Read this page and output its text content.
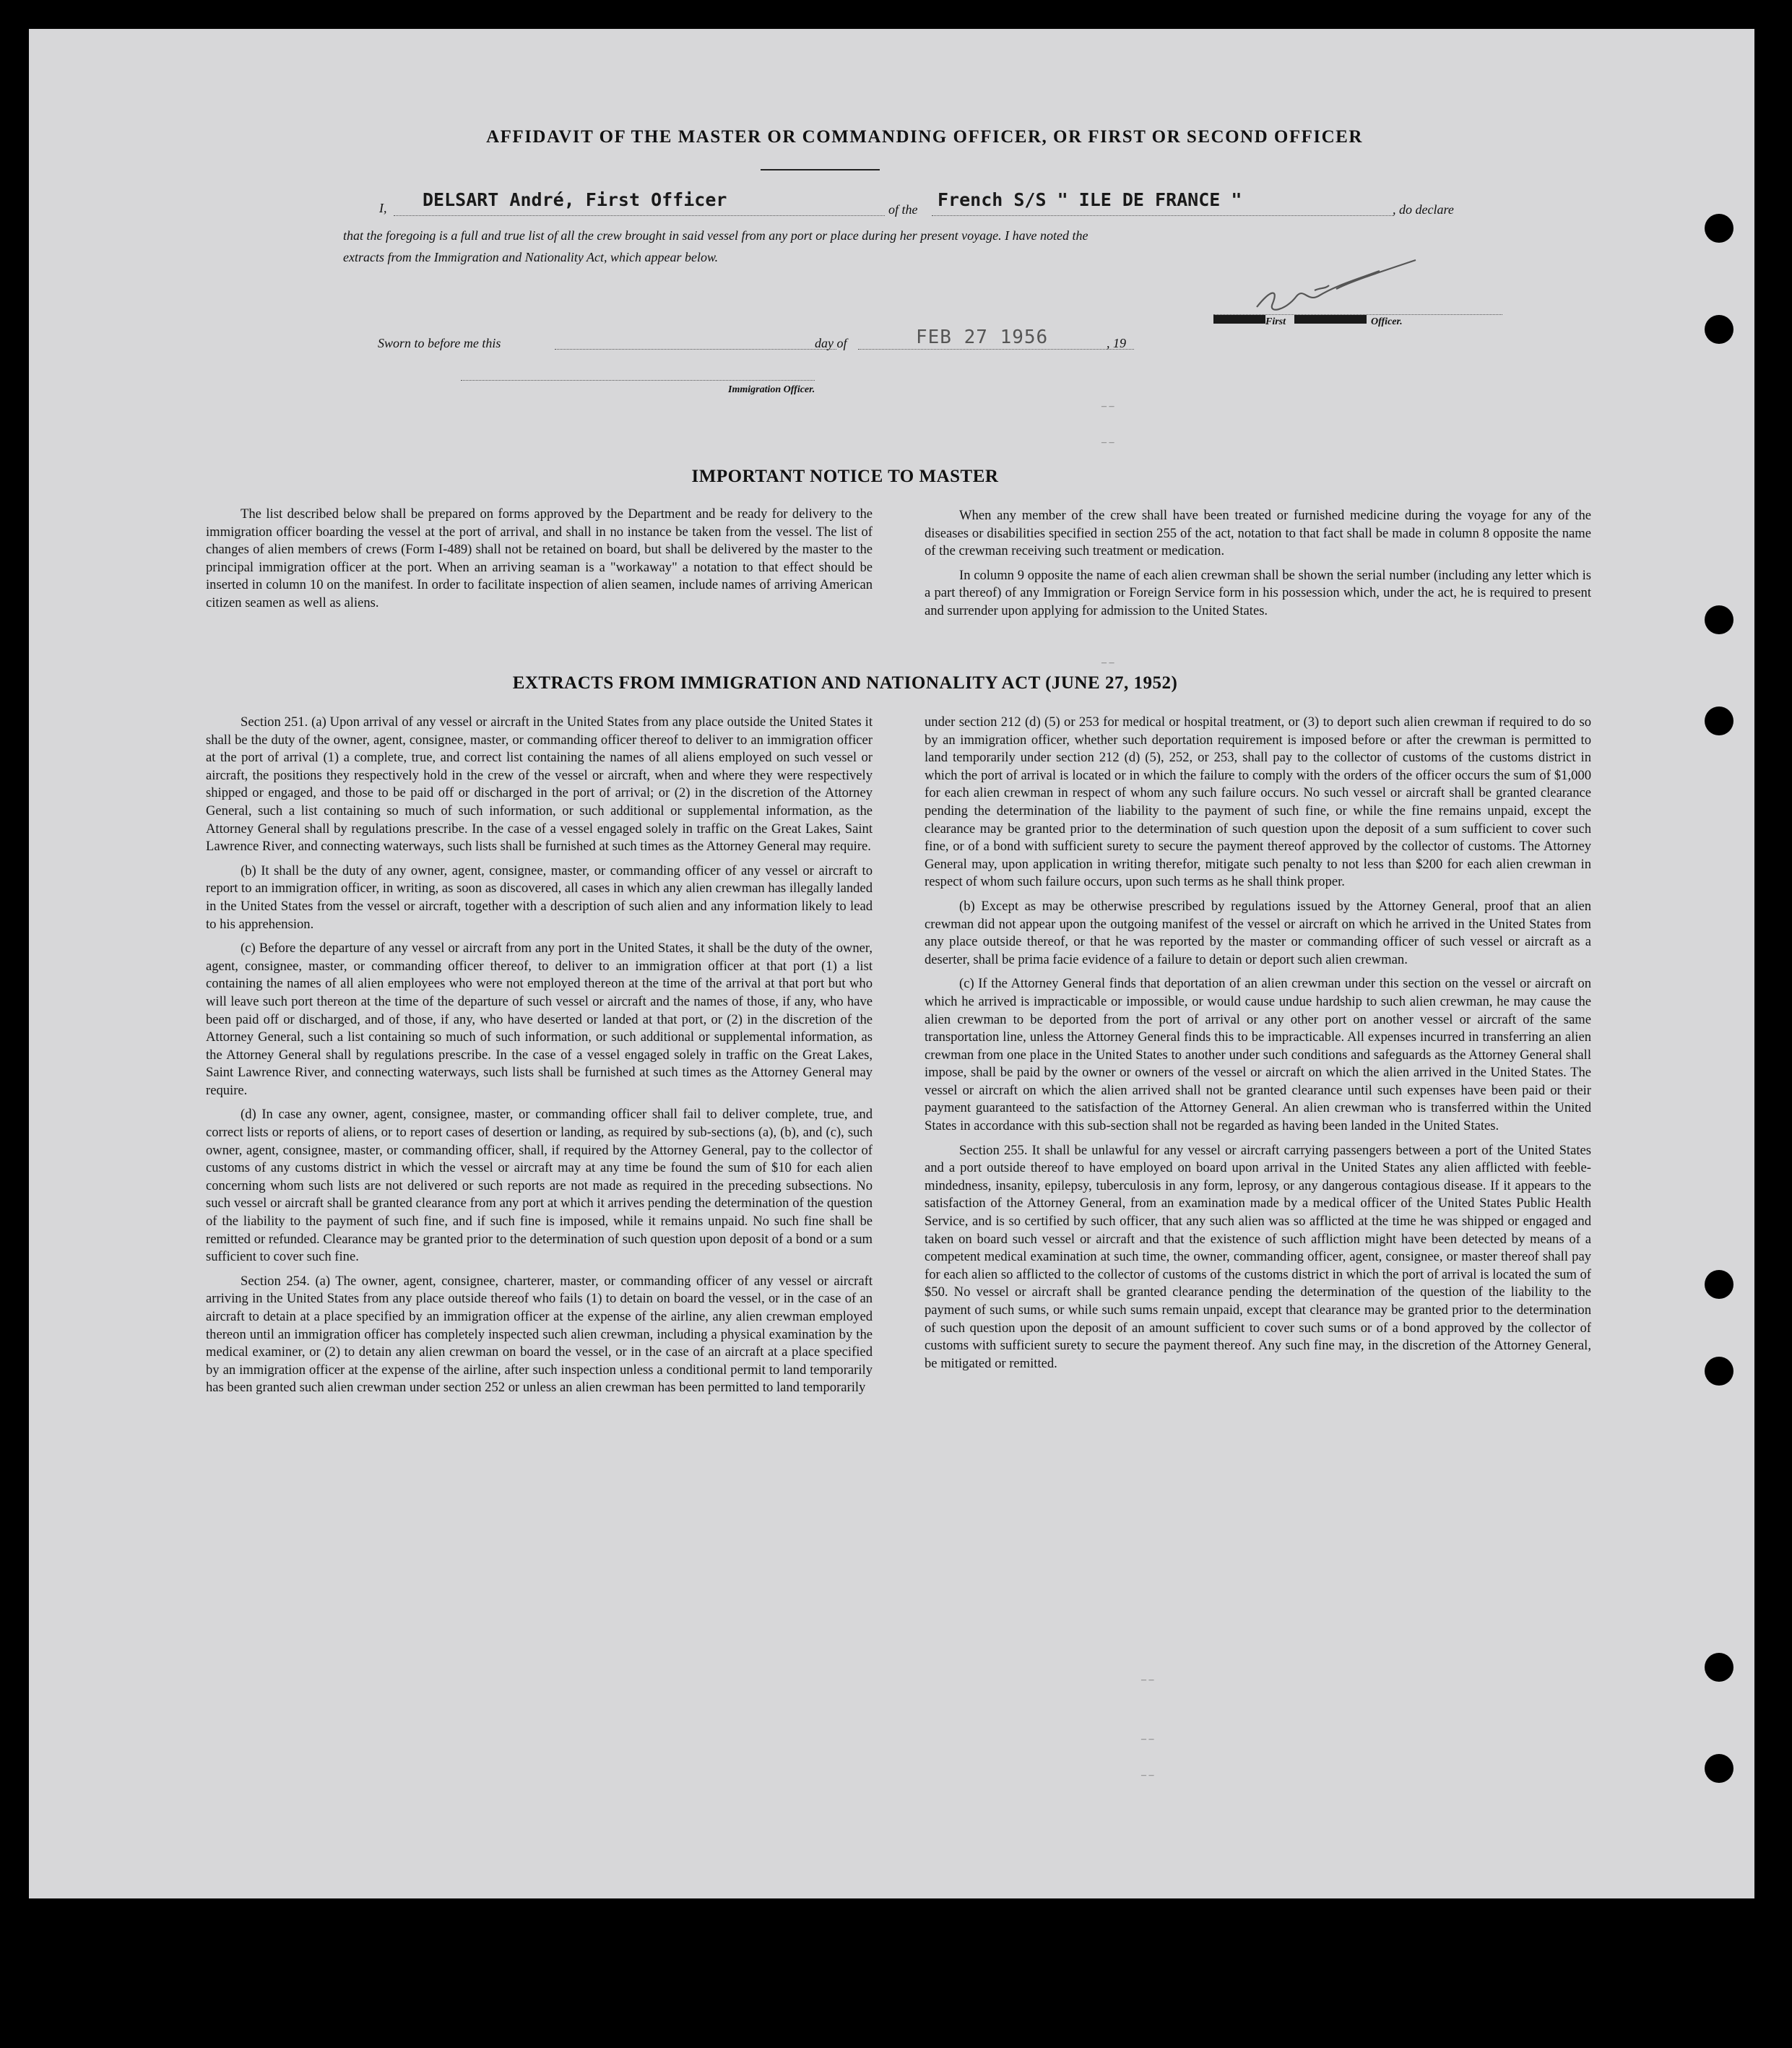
AFFIDAVIT OF THE MASTER OR COMMANDING OFFICER, OR FIRST OR SECOND OFFICER
I, DELSART André, First Officer	of the French S/S " ILE DE FRANCE "	, do declare
that the foregoing is a full and true list of all the crew brought in said vessel from any port or place during her present voyage. I have noted the
extracts from the Immigration and Nationality Act, which appear below.
First	Officer.
Sworn to before me this	day of	FEB 27 1956	, 19
Immigration Officer.
– –
– –
IMPORTANT NOTICE TO MASTER

The list described below shall be prepared on forms approved by the Department and be ready for delivery to the immigration officer boarding the vessel at the port of arrival, and shall in no instance be taken from the vessel. The list of changes of alien members of crews (Form I-489) shall not be retained on board, but shall be delivered by the master to the principal immigration officer at the port. When an arriving seaman is a "workaway" a notation to that effect should be inserted in column 10 on the manifest. In order to facilitate inspection of alien seamen, include names of arriving American citizen seamen as well as aliens.

When any member of the crew shall have been treated or furnished medicine during the voyage for any of the diseases or disabilities specified in section 255 of the act, notation to that fact shall be made in column 8 opposite the name of the crewman receiving such treatment or medication.

In column 9 opposite the name of each alien crewman shall be shown the serial number (including any letter which is a part thereof) of any Immigration or Foreign Service form in his possession which, under the act, he is required to present and surrender upon applying for admission to the United States.

EXTRACTS FROM IMMIGRATION AND NATIONALITY ACT (JUNE 27, 1952)
– –

Section 251. (a) Upon arrival of any vessel or aircraft in the United States from any place outside the United States it shall be the duty of the owner, agent, consignee, master, or commanding officer thereof to deliver to an immigration officer at the port of arrival (1) a complete, true, and correct list containing the names of all aliens employed on such vessel or aircraft, the positions they respectively hold in the crew of the vessel or aircraft, when and where they were respectively shipped or engaged, and those to be paid off or discharged in the port of arrival; or (2) in the discretion of the Attorney General, such a list containing so much of such information, or such additional or supplemental information, as the Attorney General shall by regulations prescribe. In the case of a vessel engaged solely in traffic on the Great Lakes, Saint Lawrence River, and connecting waterways, such lists shall be furnished at such times as the Attorney General may require.

(b) It shall be the duty of any owner, agent, consignee, master, or commanding officer of any vessel or aircraft to report to an immigration officer, in writing, as soon as discovered, all cases in which any alien crewman has illegally landed in the United States from the vessel or aircraft, together with a description of such alien and any information likely to lead to his apprehension.

(c) Before the departure of any vessel or aircraft from any port in the United States, it shall be the duty of the owner, agent, consignee, master, or commanding officer thereof, to deliver to an immigration officer at that port (1) a list containing the names of all alien employees who were not employed thereon at the time of the arrival at that port but who will leave such port thereon at the time of the departure of such vessel or aircraft and the names of those, if any, who have been paid off or discharged, and of those, if any, who have deserted or landed at that port, or (2) in the discretion of the Attorney General, such a list containing so much of such information, or such additional or supplemental information, as the Attorney General shall by regulations prescribe. In the case of a vessel engaged solely in traffic on the Great Lakes, Saint Lawrence River, and connecting waterways, such lists shall be furnished at such times as the Attorney General may require.

(d) In case any owner, agent, consignee, master, or commanding officer shall fail to deliver complete, true, and correct lists or reports of aliens, or to report cases of desertion or landing, as required by sub-sections (a), (b), and (c), such owner, agent, consignee, master, or commanding officer, shall, if required by the Attorney General, pay to the collector of customs of any customs district in which the vessel or aircraft may at any time be found the sum of $10 for each alien concerning whom such lists are not delivered or such reports are not made as required in the preceding subsections. No such vessel or aircraft shall be granted clearance from any port at which it arrives pending the determination of the question of the liability to the payment of such fine, and if such fine is imposed, while it remains unpaid. No such fine shall be remitted or refunded. Clearance may be granted prior to the determination of such question upon deposit of a bond or a sum sufficient to cover such fine.

Section 254. (a) The owner, agent, consignee, charterer, master, or commanding officer of any vessel or aircraft arriving in the United States from any place outside thereof who fails (1) to detain on board the vessel, or in the case of an aircraft to detain at a place specified by an immigration officer at the expense of the airline, any alien crewman employed thereon until an immigration officer has completely inspected such alien crewman, including a physical examination by the medical examiner, or (2) to detain any alien crewman on board the vessel, or in the case of an aircraft at a place specified by an immigration officer at the expense of the airline, after such inspection unless a conditional permit to land temporarily has been granted such alien crewman under section 252 or unless an alien crewman has been permitted to land temporarily

under section 212 (d) (5) or 253 for medical or hospital treatment, or (3) to deport such alien crewman if required to do so by an immigration officer, whether such deportation requirement is imposed before or after the crewman is permitted to land temporarily under section 212 (d) (5), 252, or 253, shall pay to the collector of customs of the customs district in which the port of arrival is located or in which the failure to comply with the orders of the officer occurs the sum of $1,000 for each alien crewman in respect of whom any such failure occurs. No such vessel or aircraft shall be granted clearance pending the determination of the liability to the payment of such fine, or while the fine remains unpaid, except the clearance may be granted prior to the determination of such question upon the deposit of a sum sufficient to cover such fine, or of a bond with sufficient surety to secure the payment thereof approved by the collector of customs. The Attorney General may, upon application in writing therefor, mitigate such penalty to not less than $200 for each alien crewman in respect of whom such failure occurs, upon such terms as he shall think proper.

(b) Except as may be otherwise prescribed by regulations issued by the Attorney General, proof that an alien crewman did not appear upon the outgoing manifest of the vessel or aircraft on which he arrived in the United States from any place outside thereof, or that he was reported by the master or commanding officer of such vessel or aircraft as a deserter, shall be prima facie evidence of a failure to detain or deport such alien crewman.

(c) If the Attorney General finds that deportation of an alien crewman under this section on the vessel or aircraft on which he arrived is impracticable or impossible, or would cause undue hardship to such alien crewman, he may cause the alien crewman to be deported from the port of arrival or any other port on another vessel or aircraft of the same transportation line, unless the Attorney General finds this to be impracticable. All expenses incurred in transferring an alien crewman from one place in the United States to another under such conditions and safeguards as the Attorney General shall impose, shall be paid by the owner or owners of the vessel or aircraft on which the alien arrived in the United States. The vessel or aircraft on which the alien arrived shall not be granted clearance until such expenses have been paid or their payment guaranteed to the satisfaction of the Attorney General. An alien crewman who is transferred within the United States in accordance with this sub-section shall not be regarded as having been landed in the United States.

Section 255. It shall be unlawful for any vessel or aircraft carrying passengers between a port of the United States and a port outside thereof to have employed on board upon arrival in the United States any alien afflicted with feeble-mindedness, insanity, epilepsy, tuberculosis in any form, leprosy, or any dangerous contagious disease. If it appears to the satisfaction of the Attorney General, from an examination made by a medical officer of the United States Public Health Service, and is so certified by such officer, that any such alien was so afflicted at the time he was shipped or engaged and taken on board such vessel or aircraft and that the existence of such affliction might have been detected by means of a competent medical examination at such time, the owner, commanding officer, agent, consignee, or master thereof shall pay for each alien so afflicted to the collector of customs of the customs district in which the port of arrival is located the sum of $50. No vessel or aircraft shall be granted clearance pending the determination of the question of the liability to the payment of such sums, or while such sums remain unpaid, except that clearance may be granted prior to the determination of such question upon the deposit of an amount sufficient to cover such sums or of a bond approved by the collector of customs with sufficient surety to secure the payment thereof. Any such fine may, in the discretion of the Attorney General, be mitigated or remitted.

– –
– –
– –
